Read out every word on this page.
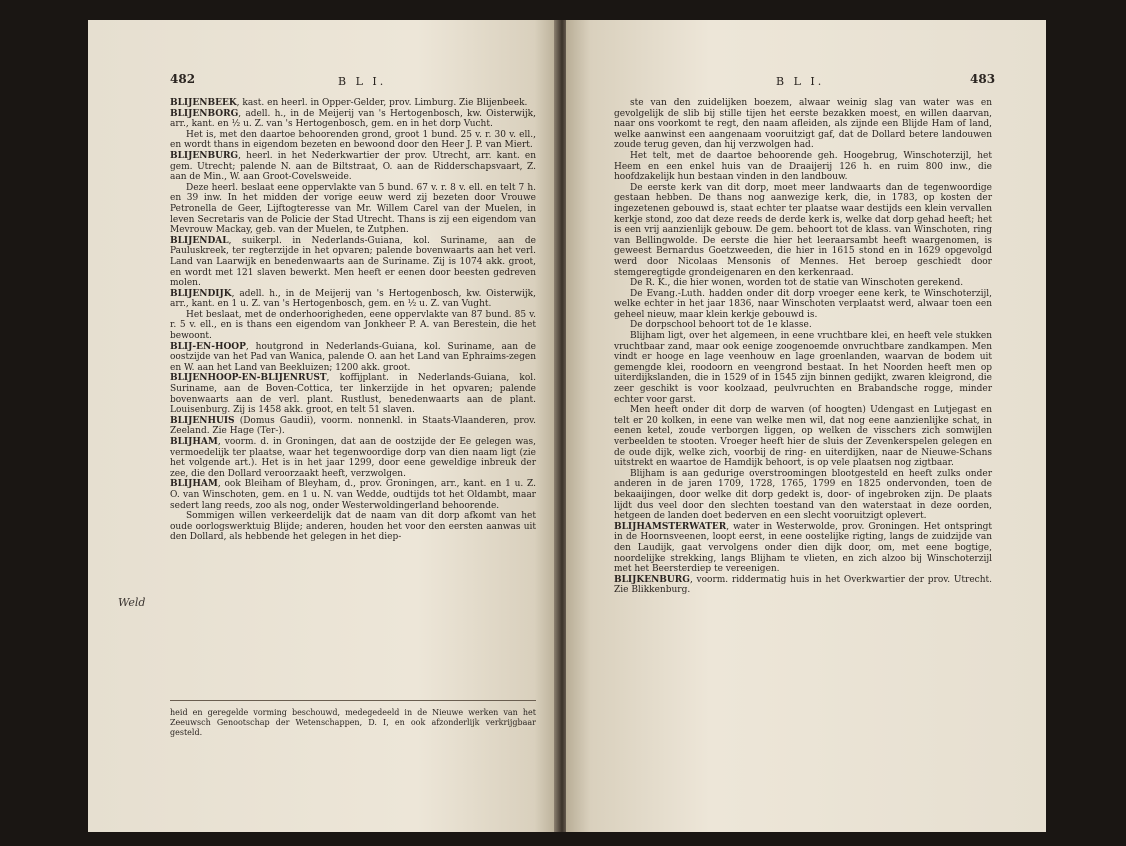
482	B L I.

BLIJENBEEK, kast. en heerl. in Opper-Gelder, prov. Limburg. Zie Blijenbeek.

BLIJENBORG, adell. h., in de Meijerij van 's Hertogenbosch, kw. Oisterwijk, arr., kant. en ½ u. Z. van 's Hertogenbosch, gem. en in het dorp Vucht.

Het is, met den daartoe behoorenden grond, groot 1 bund. 25 v. r. 30 v. ell., en wordt thans in eigendom bezeten en bewoond door den Heer J. P. van Miert.

BLIJENBURG, heerl. in het Nederkwartier der prov. Utrecht, arr. kant. en gem. Utrecht; palende N. aan de Biltstraat, O. aan de Ridderschapsvaart, Z. aan de Min., W. aan Groot-Covelsweide.

Deze heerl. beslaat eene oppervlakte van 5 bund. 67 v. r. 8 v. ell. en telt 7 h. en 39 inw. In het midden der vorige eeuw werd zij bezeten door Vrouwe Petronella de Geer, Lijftogteresse van Mr. Willem Carel van der Muelen, in leven Secretaris van de Policie der Stad Utrecht. Thans is zij een eigendom van Mevrouw Mackay, geb. van der Muelen, te Zutphen.

BLIJENDAL, suikerpl. in Nederlands-Guiana, kol. Suriname, aan de Pauluskreek, ter regterzijde in het opvaren; palende bovenwaarts aan het verl. Land van Laarwijk en benedenwaarts aan de Suriname. Zij is 1074 akk. groot, en wordt met 121 slaven bewerkt. Men heeft er eenen door beesten gedreven molen.

BLIJENDIJK, adell. h., in de Meijerij van 's Hertogenbosch, kw. Oisterwijk, arr., kant. en 1 u. Z. van 's Hertogenbosch, gem. en ½ u. Z. van Vught.

Het beslaat, met de onderhoorigheden, eene oppervlakte van 87 bund. 85 v. r. 5 v. ell., en is thans een eigendom van Jonkheer P. A. van Berestein, die het bewoont.

BLIJ-EN-HOOP, houtgrond in Nederlands-Guiana, kol. Suriname, aan de oostzijde van het Pad van Wanica, palende O. aan het Land van Ephraims-zegen en W. aan het Land van Beekluizen; 1200 akk. groot.

BLIJENHOOP-EN-BLIJENRUST, koffijplant. in Nederlands-Guiana, kol. Suriname, aan de Boven-Cottica, ter linkerzijde in het opvaren; palende bovenwaarts aan de verl. plant. Rustlust, benedenwaarts aan de plant. Louisenburg. Zij is 1458 akk. groot, en telt 51 slaven.

BLIJENHUIS (Domus Gaudii), voorm. nonnenkl. in Staats-Vlaanderen, prov. Zeeland. Zie Hage (Ter-).

BLIJHAM, voorm. d. in Groningen, dat aan de oostzijde der Ee gelegen was, vermoedelijk ter plaatse, waar het tegenwoordige dorp van dien naam ligt (zie het volgende art.). Het is in het jaar 1299, door eene geweldige inbreuk der zee, die den Dollard veroorzaakt heeft, verzwolgen.

BLIJHAM, ook Bleiham of Bleyham, d., prov. Groningen, arr., kant. en 1 u. Z. O. van Winschoten, gem. en 1 u. N. van Wedde, oudtijds tot het Oldambt, maar sedert lang reeds, zoo als nog, onder Westerwoldingerland behoorende.

Sommigen willen verkeerdelijk dat de naam van dit dorp afkomt van het oude oorlogswerktuig Blijde; anderen, houden het voor den eersten aanwas uit den Dollard, als hebbende het gelegen in het diep-

Weld
heid en geregelde vorming beschouwd, medegedeeld in de Nieuwe werken van het Zeeuwsch Genootschap der Wetenschappen, D. I, en ook afzonderlijk verkrijgbaar gesteld.
B L I.	483

ste van den zuidelijken boezem, alwaar weinig slag van water was en gevolgelijk de slib bij stille tijen het eerste bezakken moest, en willen daarvan, naar ons voorkomt te regt, den naam afleiden, als zijnde een Blijde Ham of land, welke aanwinst een aangenaam vooruitzigt gaf, dat de Dollard betere landouwen zoude terug geven, dan hij verzwolgen had.

Het telt, met de daartoe behoorende geh. Hoogebrug, Winschoterzijl, het Heem en een enkel huis van de Draaijerij 126 h. en ruim 800 inw., die hoofdzakelijk hun bestaan vinden in den landbouw.

De eerste kerk van dit dorp, moet meer landwaarts dan de tegenwoordige gestaan hebben. De thans nog aanwezige kerk, die, in 1783, op kosten der ingezetenen gebouwd is, staat echter ter plaatse waar destijds een klein vervallen kerkje stond, zoo dat deze reeds de derde kerk is, welke dat dorp gehad heeft; het is een vrij aanzienlijk gebouw. De gem. behoort tot de klass. van Winschoten, ring van Bellingwolde. De eerste die hier het leeraarsambt heeft waargenomen, is geweest Bernardus Goetzweeden, die hier in 1615 stond en in 1629 opgevolgd werd door Nicolaas Mensonis of Mennes. Het beroep geschiedt door stemgeregtigde grondeigenaren en den kerkenraad.

De R. K., die hier wonen, worden tot de statie van Winschoten gerekend.

De Evang.-Luth. hadden onder dit dorp vroeger eene kerk, te Winschoterzijl, welke echter in het jaar 1836, naar Winschoten verplaatst werd, alwaar toen een geheel nieuw, maar klein kerkje gebouwd is.

De dorpschool behoort tot de 1e klasse.

Blijham ligt, over het algemeen, in eene vruchtbare klei, en heeft vele stukken vruchtbaar zand, maar ook eenige zoogenoemde onvruchtbare zandkampen. Men vindt er hooge en lage veenhouw en lage groenlanden, waarvan de bodem uit gemengde klei, roodoorn en veengrond bestaat. In het Noorden heeft men op uiterdijkslanden, die in 1529 of in 1545 zijn binnen gedijkt, zwaren kleigrond, die zeer geschikt is voor koolzaad, peulvruchten en Brabandsche rogge, minder echter voor garst.

Men heeft onder dit dorp de warven (of hoogten) Udengast en Lutjegast en telt er 20 kolken, in eene van welke men wil, dat nog eene aanzienlijke schat, in eenen ketel, zoude verborgen liggen, op welken de visschers zich somwijlen verbeelden te stooten. Vroeger heeft hier de sluis der Zevenkerspelen gelegen en de oude dijk, welke zich, voorbij de ring- en uiterdijken, naar de Nieuwe-Schans uitstrekt en waartoe de Hamdijk behoort, is op vele plaatsen nog zigtbaar.

Blijham is aan gedurige overstroomingen blootgesteld en heeft zulks onder anderen in de jaren 1709, 1728, 1765, 1799 en 1825 ondervonden, toen de bekaaijingen, door welke dit dorp gedekt is, door- of ingebroken zijn. De plaats lijdt dus veel door den slechten toestand van den waterstaat in deze oorden, hetgeen de landen doet bederven en een slecht vooruitzigt oplevert.

BLIJHAMSTERWATER, water in Westerwolde, prov. Groningen. Het ontspringt in de Hoornsveenen, loopt eerst, in eene oostelijke rigting, langs de zuidzijde van den Laudijk, gaat vervolgens onder dien dijk door, om, met eene bogtige, noordelijke strekking, langs Blijham te vlieten, en zich alzoo bij Winschoterzijl met het Beersterdiep te vereenigen.

BLIJKENBURG, voorm. riddermatig huis in het Overkwartier der prov. Utrecht. Zie Blikkenburg.
